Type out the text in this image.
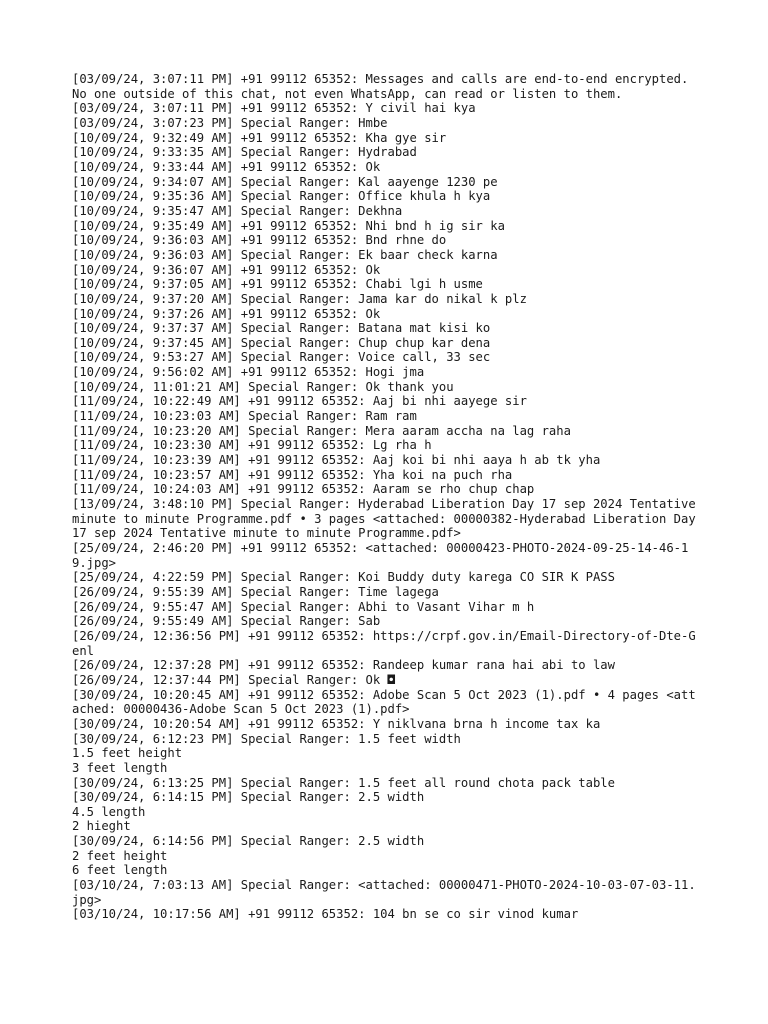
[03/09/24, 3:07:11 PM] +91 99112 65352: Messages and calls are end-to-end encrypted. No one outside of this chat, not even WhatsApp, can read or listen to them.
[03/09/24, 3:07:11 PM] +91 99112 65352: Y civil hai kya
[03/09/24, 3:07:23 PM] Special Ranger: Hmbe
[10/09/24, 9:32:49 AM] +91 99112 65352: Kha gye sir
[10/09/24, 9:33:35 AM] Special Ranger: Hydrabad
[10/09/24, 9:33:44 AM] +91 99112 65352: Ok
[10/09/24, 9:34:07 AM] Special Ranger: Kal aayenge 1230 pe
[10/09/24, 9:35:36 AM] Special Ranger: Office khula h kya
[10/09/24, 9:35:47 AM] Special Ranger: Dekhna
[10/09/24, 9:35:49 AM] +91 99112 65352: Nhi bnd h ig sir ka
[10/09/24, 9:36:03 AM] +91 99112 65352: Bnd rhne do
[10/09/24, 9:36:03 AM] Special Ranger: Ek baar check karna
[10/09/24, 9:36:07 AM] +91 99112 65352: Ok
[10/09/24, 9:37:05 AM] +91 99112 65352: Chabi lgi h usme
[10/09/24, 9:37:20 AM] Special Ranger: Jama kar do nikal k plz
[10/09/24, 9:37:26 AM] +91 99112 65352: Ok
[10/09/24, 9:37:37 AM] Special Ranger: Batana mat kisi ko
[10/09/24, 9:37:45 AM] Special Ranger: Chup chup kar dena
[10/09/24, 9:53:27 AM] Special Ranger: Voice call, 33 sec
[10/09/24, 9:56:02 AM] +91 99112 65352: Hogi jma
[10/09/24, 11:01:21 AM] Special Ranger: Ok thank you
[11/09/24, 10:22:49 AM] +91 99112 65352: Aaj bi nhi aayege sir
[11/09/24, 10:23:03 AM] Special Ranger: Ram ram
[11/09/24, 10:23:20 AM] Special Ranger: Mera aaram accha na lag raha
[11/09/24, 10:23:30 AM] +91 99112 65352: Lg rha h
[11/09/24, 10:23:39 AM] +91 99112 65352: Aaj koi bi nhi aaya h ab tk yha
[11/09/24, 10:23:57 AM] +91 99112 65352: Yha koi na puch rha
[11/09/24, 10:24:03 AM] +91 99112 65352: Aaram se rho chup chap
[13/09/24, 3:48:10 PM] Special Ranger: Hyderabad Liberation Day 17 sep 2024 Tentative minute to minute Programme.pdf • 3 pages <attached: 00000382-Hyderabad Liberation Day 17 sep 2024 Tentative minute to minute Programme.pdf>
[25/09/24, 2:46:20 PM] +91 99112 65352: <attached: 00000423-PHOTO-2024-09-25-14-46-19.jpg>
[25/09/24, 4:22:59 PM] Special Ranger: Koi Buddy duty karega CO SIR K PASS
[26/09/24, 9:55:39 AM] Special Ranger: Time lagega
[26/09/24, 9:55:47 AM] Special Ranger: Abhi to Vasant Vihar m h
[26/09/24, 9:55:49 AM] Special Ranger: Sab
[26/09/24, 12:36:56 PM] +91 99112 65352: https://crpf.gov.in/Email-Directory-of-Dte-Genl
[26/09/24, 12:37:28 PM] +91 99112 65352: Randeep kumar rana hai abi to law
[26/09/24, 12:37:44 PM] Special Ranger: Ok ◘
[30/09/24, 10:20:45 AM] +91 99112 65352: Adobe Scan 5 Oct 2023 (1).pdf • 4 pages <attached: 00000436-Adobe Scan 5 Oct 2023 (1).pdf>
[30/09/24, 10:20:54 AM] +91 99112 65352: Y niklvana brna h income tax ka
[30/09/24, 6:12:23 PM] Special Ranger: 1.5 feet width
1.5 feet height
3 feet length
[30/09/24, 6:13:25 PM] Special Ranger: 1.5 feet all round chota pack table
[30/09/24, 6:14:15 PM] Special Ranger: 2.5 width
4.5 length
2 hieght
[30/09/24, 6:14:56 PM] Special Ranger: 2.5 width
2 feet height
6 feet length
[03/10/24, 7:03:13 AM] Special Ranger: <attached: 00000471-PHOTO-2024-10-03-07-03-11.jpg>
[03/10/24, 10:17:56 AM] +91 99112 65352: 104 bn se co sir vinod kumar
